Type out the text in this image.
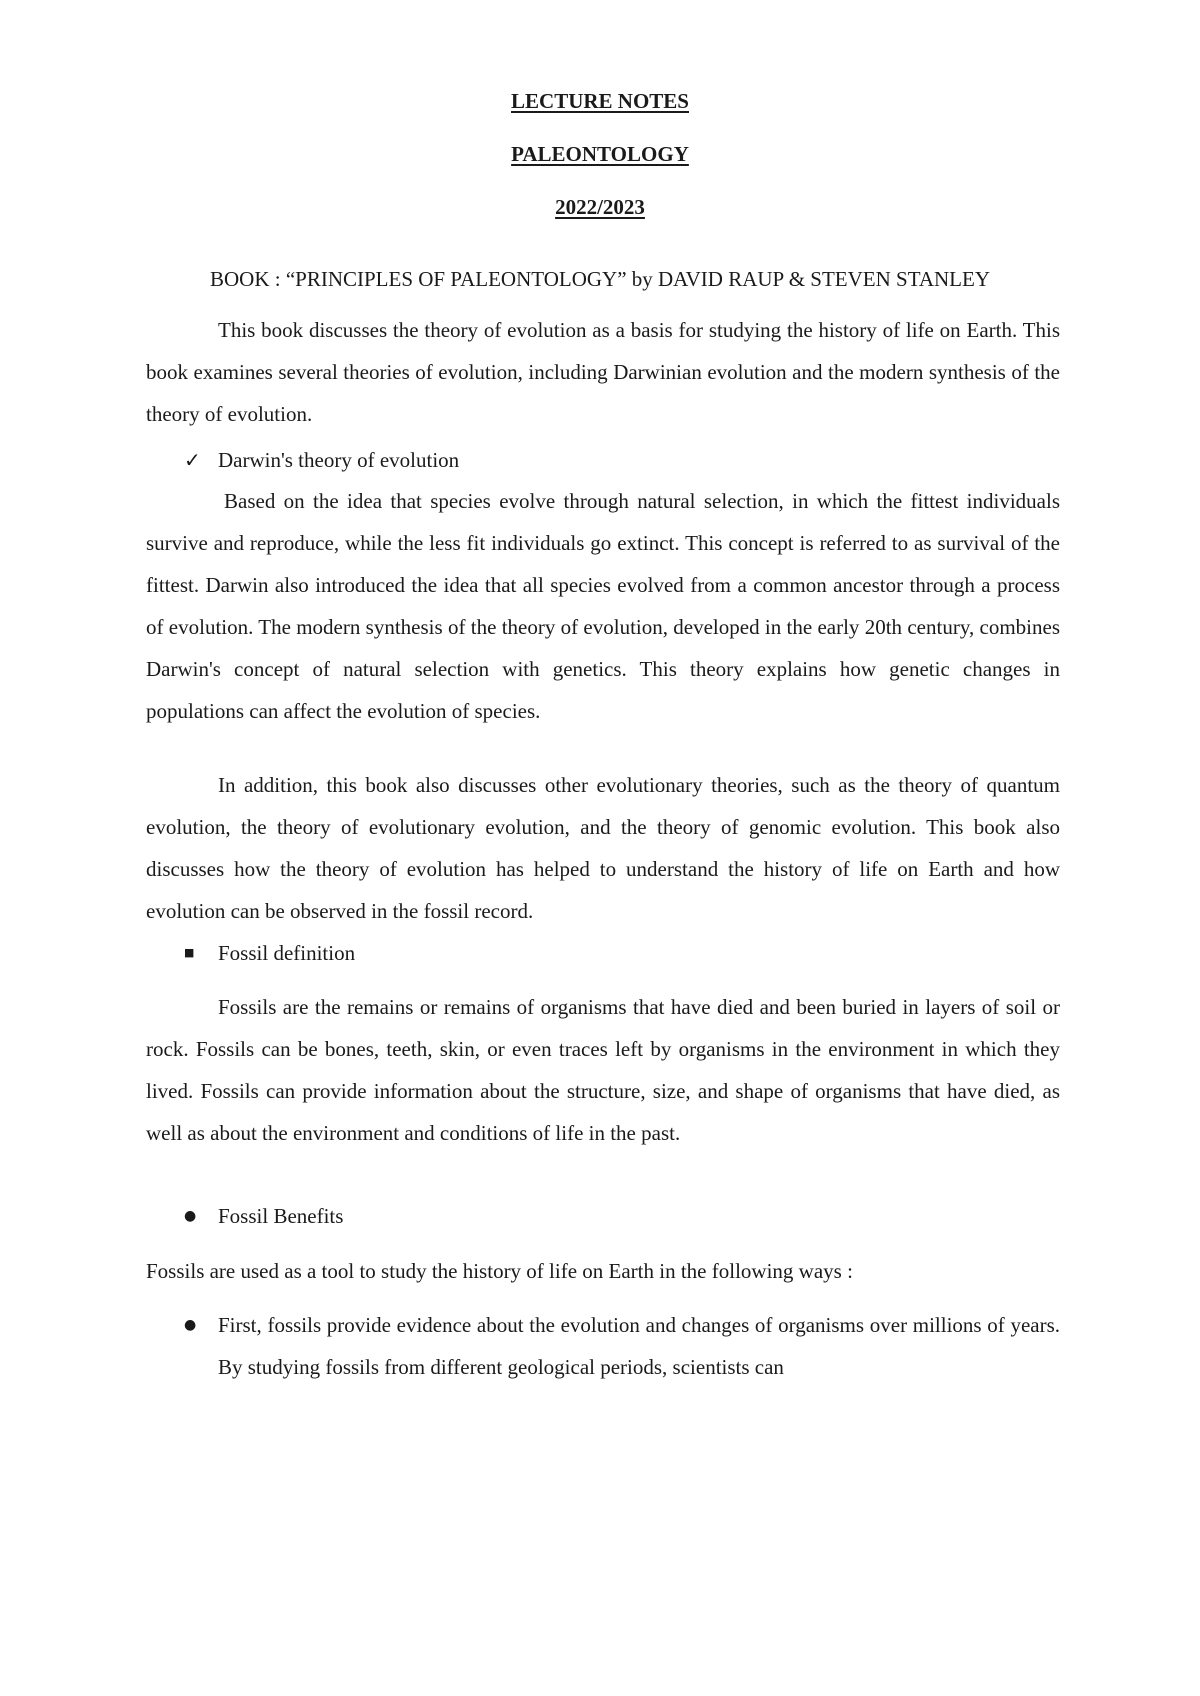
LECTURE NOTES
PALEONTOLOGY
2022/2023
BOOK : “PRINCIPLES OF PALEONTOLOGY” by DAVID RAUP & STEVEN STANLEY

This book discusses the theory of evolution as a basis for studying the history of life on Earth. This book examines several theories of evolution, including Darwinian evolution and the modern synthesis of the theory of evolution.

✓ Darwin's theory of evolution

Based on the idea that species evolve through natural selection, in which the fittest individuals survive and reproduce, while the less fit individuals go extinct. This concept is referred to as survival of the fittest. Darwin also introduced the idea that all species evolved from a common ancestor through a process of evolution. The modern synthesis of the theory of evolution, developed in the early 20th century, combines Darwin's concept of natural selection with genetics. This theory explains how genetic changes in populations can affect the evolution of species.

In addition, this book also discusses other evolutionary theories, such as the theory of quantum evolution, the theory of evolutionary evolution, and the theory of genomic evolution. This book also discusses how the theory of evolution has helped to understand the history of life on Earth and how evolution can be observed in the fossil record.

■	Fossil definition

Fossils are the remains or remains of organisms that have died and been buried in layers of soil or rock. Fossils can be bones, teeth, skin, or even traces left by organisms in the environment in which they lived. Fossils can provide information about the structure, size, and shape of organisms that have died, as well as about the environment and conditions of life in the past.

●	Fossil Benefits
Fossils are used as a tool to study the history of life on Earth in the following ways :
● First, fossils provide evidence about the evolution and changes of organisms over millions of years. By studying fossils from different geological periods, scientists can
